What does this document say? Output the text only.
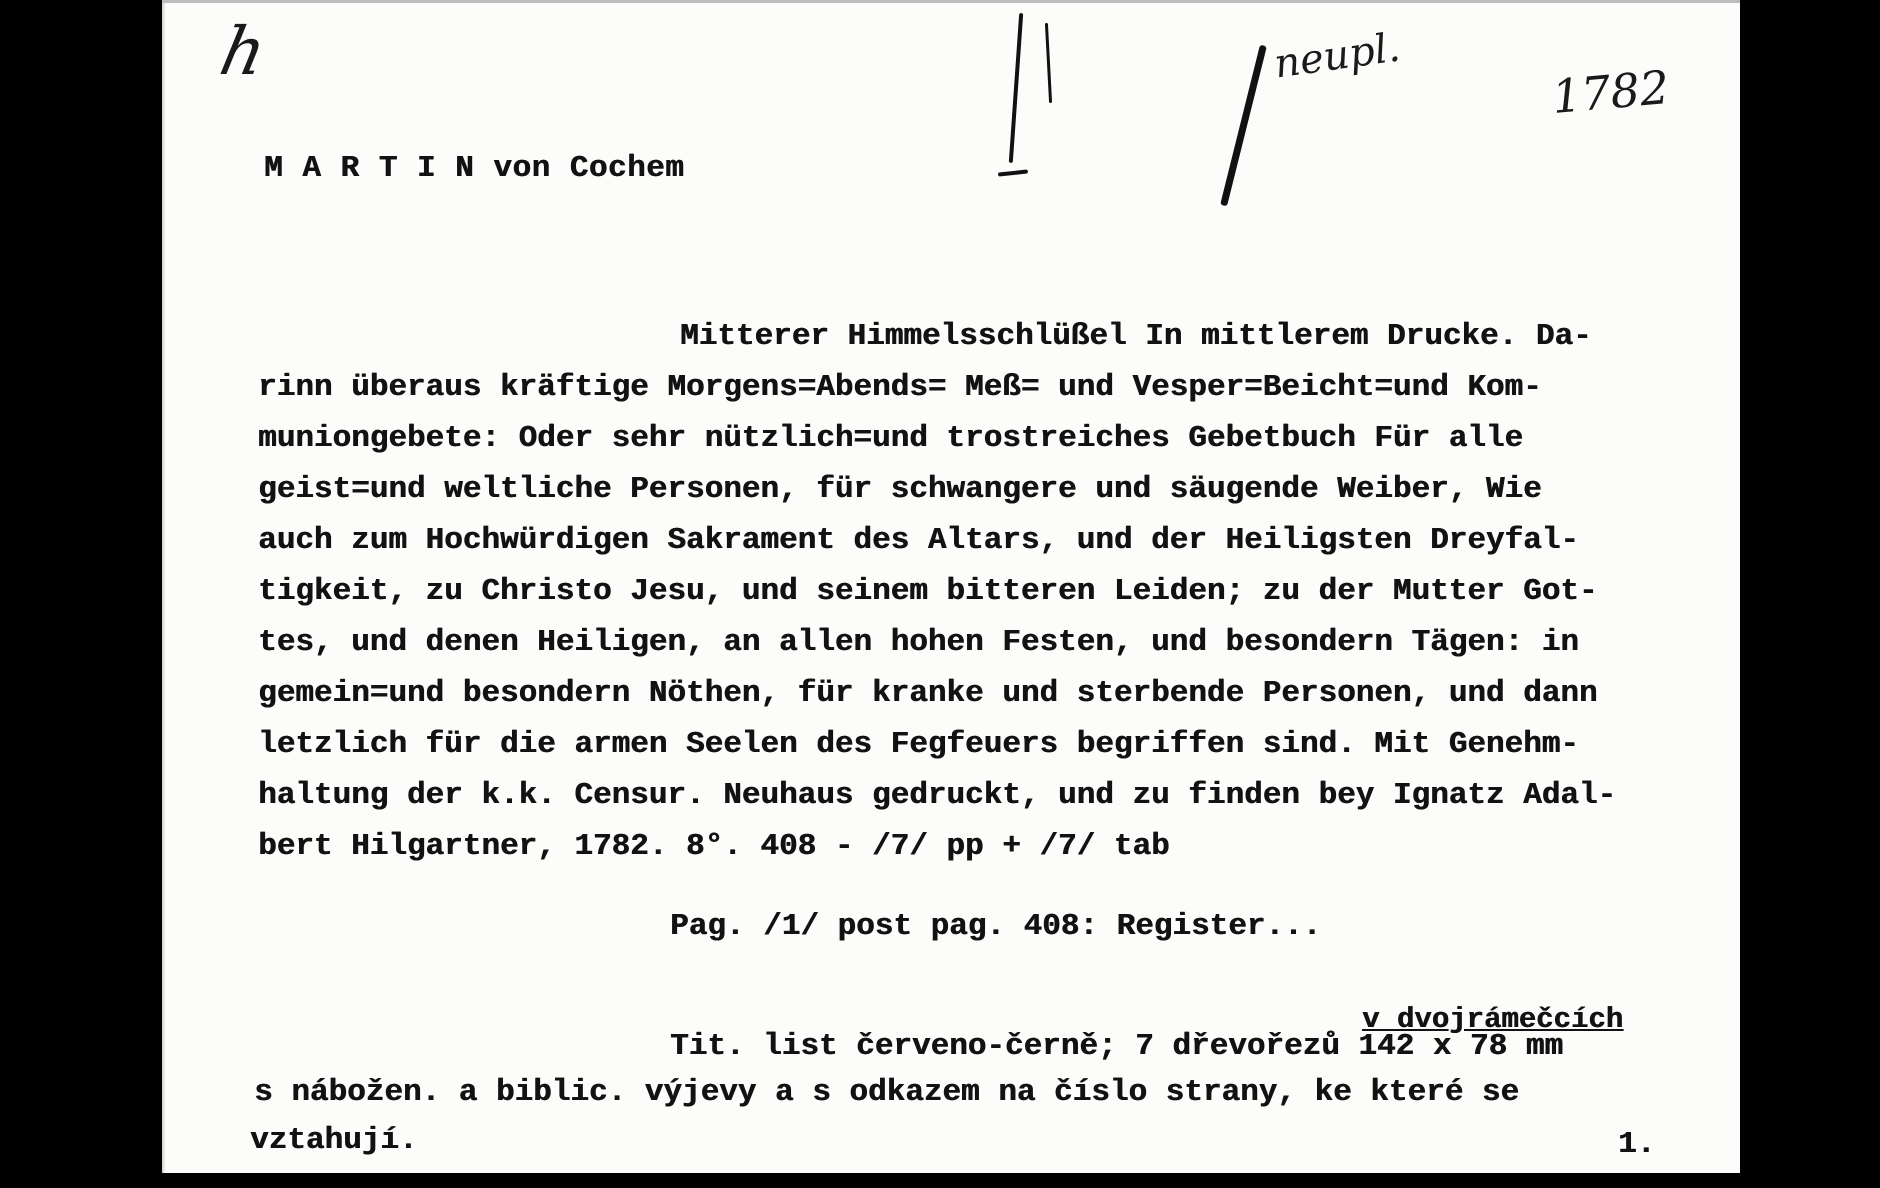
h	neupl.
1782
M A R T I N von Cochem
Mitterer Himmelsschlüßel In mittlerem Drucke. Da-
rinn überaus kräftige Morgens=Abends= Meß= und Vesper=Beicht=und Kom-
muniongebete: Oder sehr nützlich=und trostreiches Gebetbuch Für alle
geist=und weltliche Personen, für schwangere und säugende Weiber, Wie
auch zum Hochwürdigen Sakrament des Altars, und der Heiligsten Dreyfal-
tigkeit, zu Christo Jesu, und seinem bitteren Leiden; zu der Mutter Got-
tes, und denen Heiligen, an allen hohen Festen, und besondern Tägen: in
gemein=und besondern Nöthen, für kranke und sterbende Personen, und dann
letzlich für die armen Seelen des Fegfeuers begriffen sind. Mit Genehm-
haltung der k.k. Censur. Neuhaus gedruckt, und zu finden bey Ignatz Adal-
bert Hilgartner, 1782. 8°. 408 - /7/ pp + /7/ tab
Pag. /1/ post pag. 408: Register...
v dvojrámečcích
Tit. list červeno-černě; 7 dřevořezů 142 x 78 mm
s nábožen. a biblic. výjevy a s odkazem na číslo strany, ke které se
vztahují.	1.
